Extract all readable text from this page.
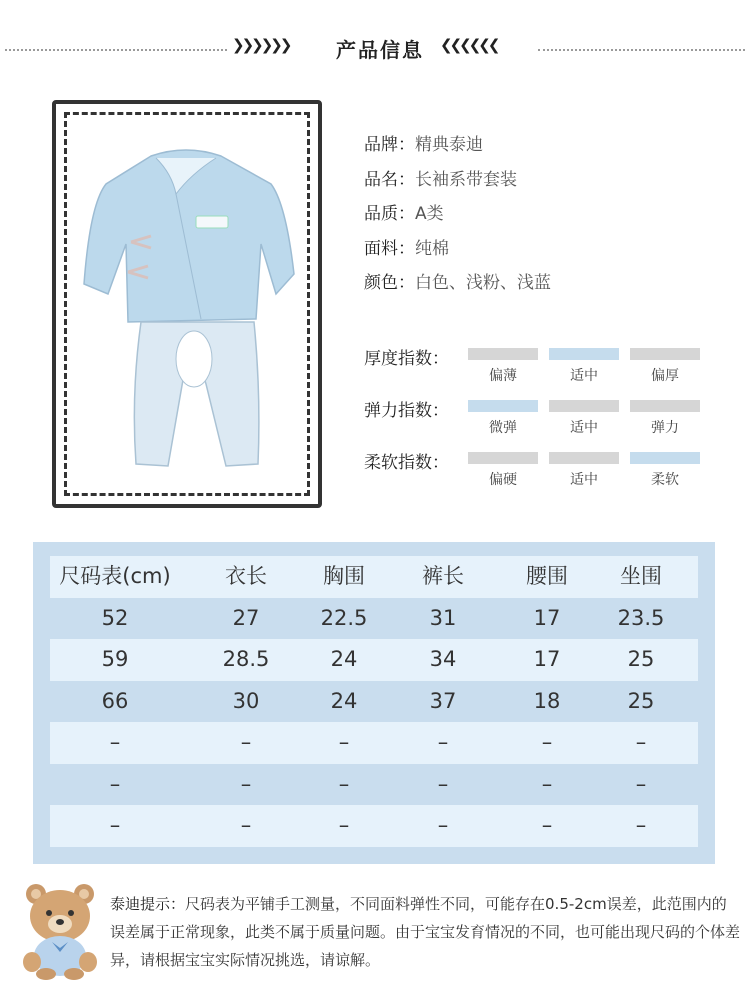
❯❯❯❯❯❯	产品信息	❮❮❮❮❮❮
品牌：精典泰迪
品名：长袖系带套装
品质：A类
面料：纯棉
颜色：白色、浅粉、浅蓝
厚度指数：
偏薄	适中	偏厚
弹力指数：
微弹	适中	弹力
柔软指数：
偏硬	适中	柔软
尺码表(cm)	衣长	胸围	裤长	腰围	坐围
52	27	22.5	31	17	23.5
59	28.5	24	34	17	25
66	30	24	37	18	25
–	–	–	–	–	–
–	–	–	–	–	–
–	–	–	–	–	–
泰迪提示：尺码表为平铺手工测量，不同面料弹性不同，可能存在0.5-2cm误差，此范围内的误差属于正常现象，此类不属于质量问题。由于宝宝发育情况的不同，也可能出现尺码的个体差异，请根据宝宝实际情况挑选，请谅解。
